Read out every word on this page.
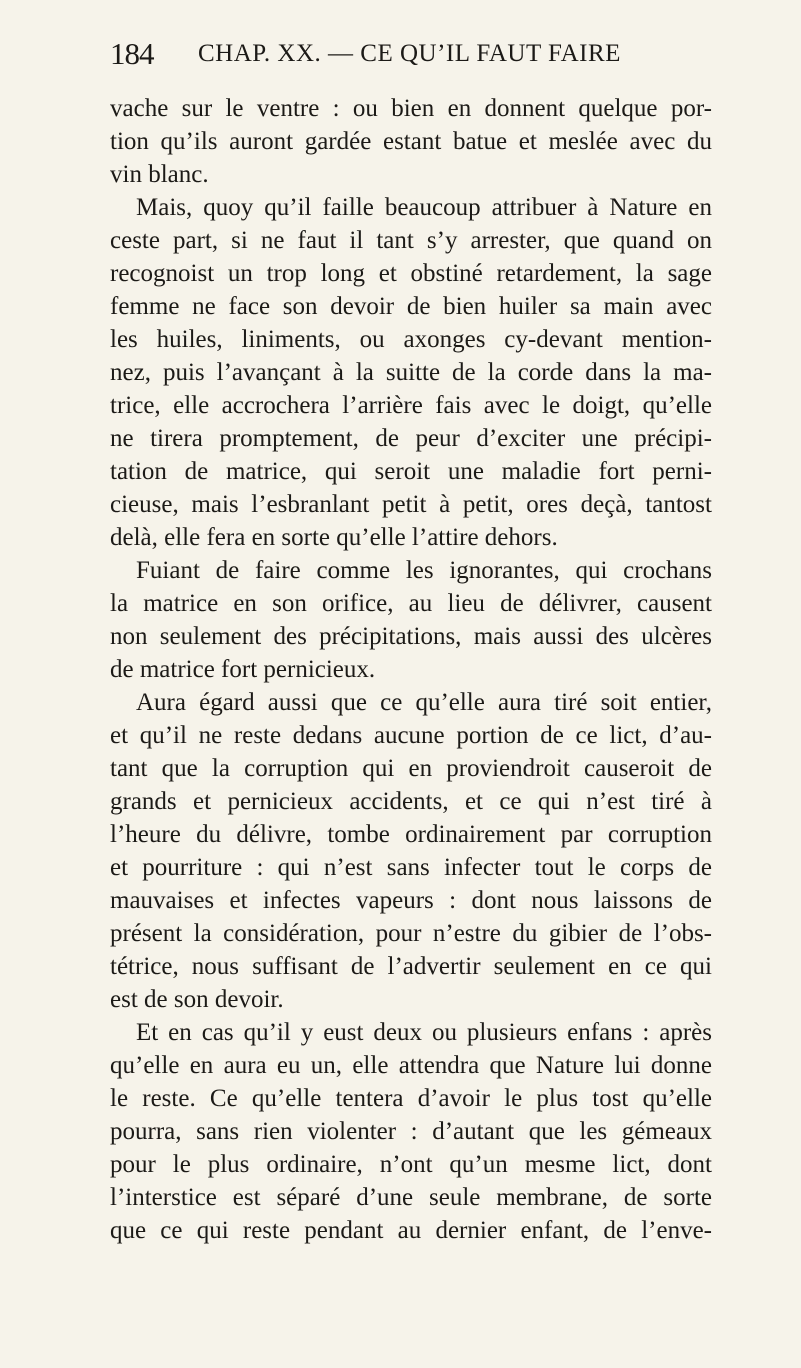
184 CHAP. XX. — CE QU’IL FAUT FAIRE
vache sur le ventre : ou bien en donnent quelque por-
tion qu’ils auront gardée estant batue et meslée avec du
vin blanc.
Mais, quoy qu’il faille beaucoup attribuer à Nature en
ceste part, si ne faut il tant s’y arrester, que quand on
recognoist un trop long et obstiné retardement, la sage
femme ne face son devoir de bien huiler sa main avec
les huiles, liniments, ou axonges cy-devant mention-
nez, puis l’avançant à la suitte de la corde dans la ma-
trice, elle accrochera l’arrière fais avec le doigt, qu’elle
ne tirera promptement, de peur d’exciter une précipi-
tation de matrice, qui seroit une maladie fort perni-
cieuse, mais l’esbranlant petit à petit, ores deçà, tantost
delà, elle fera en sorte qu’elle l’attire dehors.
Fuiant de faire comme les ignorantes, qui crochans
la matrice en son orifice, au lieu de délivrer, causent
non seulement des précipitations, mais aussi des ulcères
de matrice fort pernicieux.
Aura égard aussi que ce qu’elle aura tiré soit entier,
et qu’il ne reste dedans aucune portion de ce lict, d’au-
tant que la corruption qui en proviendroit causeroit de
grands et pernicieux accidents, et ce qui n’est tiré à
l’heure du délivre, tombe ordinairement par corruption
et pourriture : qui n’est sans infecter tout le corps de
mauvaises et infectes vapeurs : dont nous laissons de
présent la considération, pour n’estre du gibier de l’obs-
tétrice, nous suffisant de l’advertir seulement en ce qui
est de son devoir.
Et en cas qu’il y eust deux ou plusieurs enfans : après
qu’elle en aura eu un, elle attendra que Nature lui donne
le reste. Ce qu’elle tentera d’avoir le plus tost qu’elle
pourra, sans rien violenter : d’autant que les gémeaux
pour le plus ordinaire, n’ont qu’un mesme lict, dont
l’interstice est séparé d’une seule membrane, de sorte
que ce qui reste pendant au dernier enfant, de l’enve-
